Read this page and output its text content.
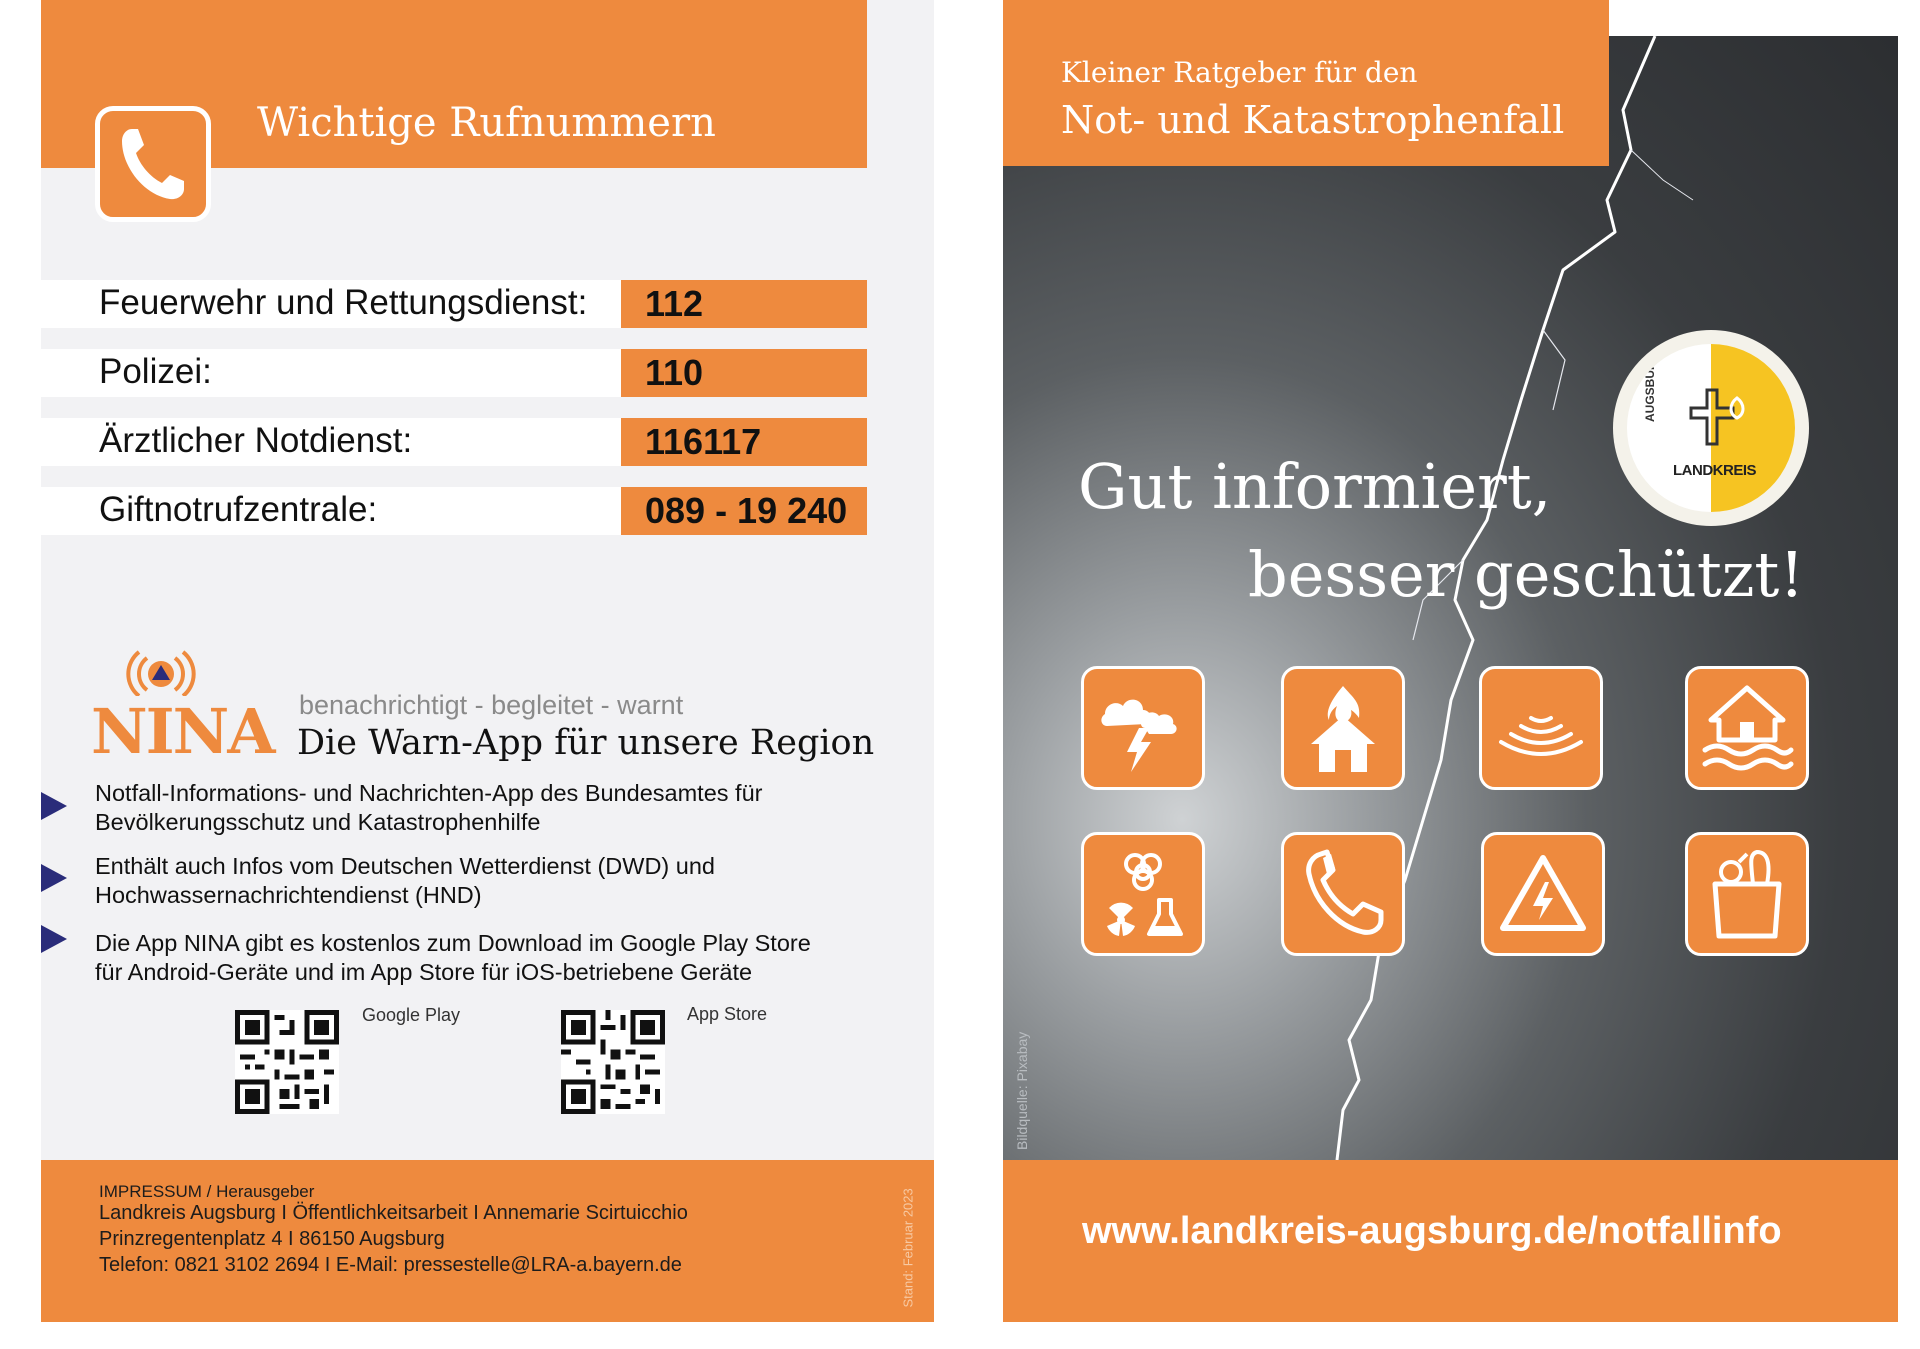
Wichtige Rufnummern
Feuerwehr und Rettungsdienst: 112
Polizei:	110
Ärztlicher Notdienst:	116117
Giftnotrufzentrale:	089 - 19 240
NINA benachrichtigt - begleitet - warnt
Die Warn-App für unsere Region
Notfall-Informations- und Nachrichten-App des Bundesamtes für
Bevölkerungsschutz und Katastrophenhilfe
Enthält auch Infos vom Deutschen Wetterdienst (DWD) und
Hochwassernachrichtendienst (HND)
Die App NINA gibt es kostenlos zum Download im Google Play Store
für Android-Geräte und im App Store für iOS-betriebene Geräte
Google Play	App Store
IMPRESSUM / Herausgeber
Landkreis Augsburg I Öffentlichkeitsarbeit I Annemarie Scirtuicchio
Prinzregentenplatz 4 I 86150 Augsburg
Telefon: 0821 3102 2694 I E-Mail: pressestelle@LRA-a.bayern.de	Stand: Februar 2023
Kleiner Ratgeber für den
Not- und Katastrophenfall
AUGSBURG
LANDKREIS
Gut informiert,
besser geschützt!
Bildquelle: Pixabay
www.landkreis-augsburg.de/notfallinfo
